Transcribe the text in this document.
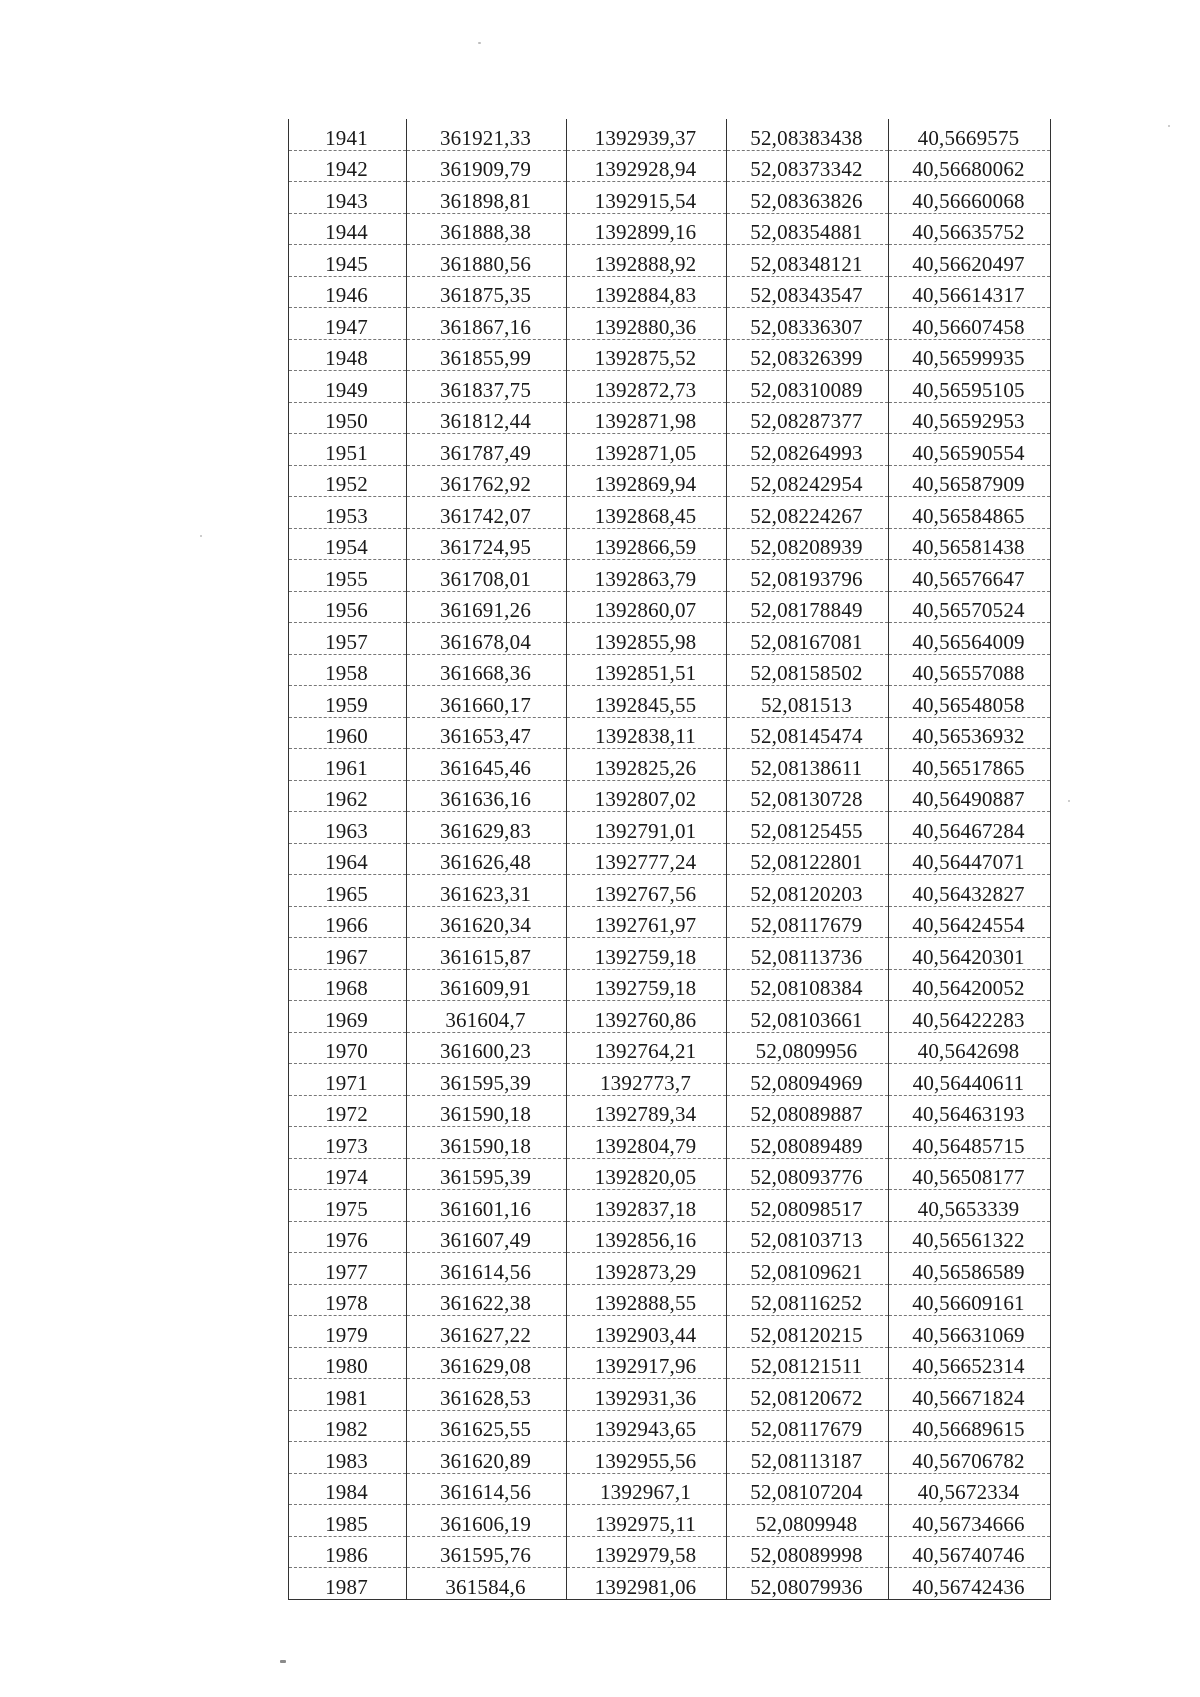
1941	361921,33	1392939,37	52,08383438	40,5669575
1942	361909,79	1392928,94	52,08373342	40,56680062
1943	361898,81	1392915,54	52,08363826	40,56660068
1944	361888,38	1392899,16	52,08354881	40,56635752
1945	361880,56	1392888,92	52,08348121	40,56620497
1946	361875,35	1392884,83	52,08343547	40,56614317
1947	361867,16	1392880,36	52,08336307	40,56607458
1948	361855,99	1392875,52	52,08326399	40,56599935
1949	361837,75	1392872,73	52,08310089	40,56595105
1950	361812,44	1392871,98	52,08287377	40,56592953
1951	361787,49	1392871,05	52,08264993	40,56590554
1952	361762,92	1392869,94	52,08242954	40,56587909
1953	361742,07	1392868,45	52,08224267	40,56584865
1954	361724,95	1392866,59	52,08208939	40,56581438
1955	361708,01	1392863,79	52,08193796	40,56576647
1956	361691,26	1392860,07	52,08178849	40,56570524
1957	361678,04	1392855,98	52,08167081	40,56564009
1958	361668,36	1392851,51	52,08158502	40,56557088
1959	361660,17	1392845,55	52,081513	40,56548058
1960	361653,47	1392838,11	52,08145474	40,56536932
1961	361645,46	1392825,26	52,08138611	40,56517865
1962	361636,16	1392807,02	52,08130728	40,56490887
1963	361629,83	1392791,01	52,08125455	40,56467284
1964	361626,48	1392777,24	52,08122801	40,56447071
1965	361623,31	1392767,56	52,08120203	40,56432827
1966	361620,34	1392761,97	52,08117679	40,56424554
1967	361615,87	1392759,18	52,08113736	40,56420301
1968	361609,91	1392759,18	52,08108384	40,56420052
1969	361604,7	1392760,86	52,08103661	40,56422283
1970	361600,23	1392764,21	52,0809956	40,5642698
1971	361595,39	1392773,7	52,08094969	40,56440611
1972	361590,18	1392789,34	52,08089887	40,56463193
1973	361590,18	1392804,79	52,08089489	40,56485715
1974	361595,39	1392820,05	52,08093776	40,56508177
1975	361601,16	1392837,18	52,08098517	40,5653339
1976	361607,49	1392856,16	52,08103713	40,56561322
1977	361614,56	1392873,29	52,08109621	40,56586589
1978	361622,38	1392888,55	52,08116252	40,56609161
1979	361627,22	1392903,44	52,08120215	40,56631069
1980	361629,08	1392917,96	52,08121511	40,56652314
1981	361628,53	1392931,36	52,08120672	40,56671824
1982	361625,55	1392943,65	52,08117679	40,56689615
1983	361620,89	1392955,56	52,08113187	40,56706782
1984	361614,56	1392967,1	52,08107204	40,5672334
1985	361606,19	1392975,11	52,0809948	40,56734666
1986	361595,76	1392979,58	52,08089998	40,56740746
1987	361584,6	1392981,06	52,08079936	40,56742436
